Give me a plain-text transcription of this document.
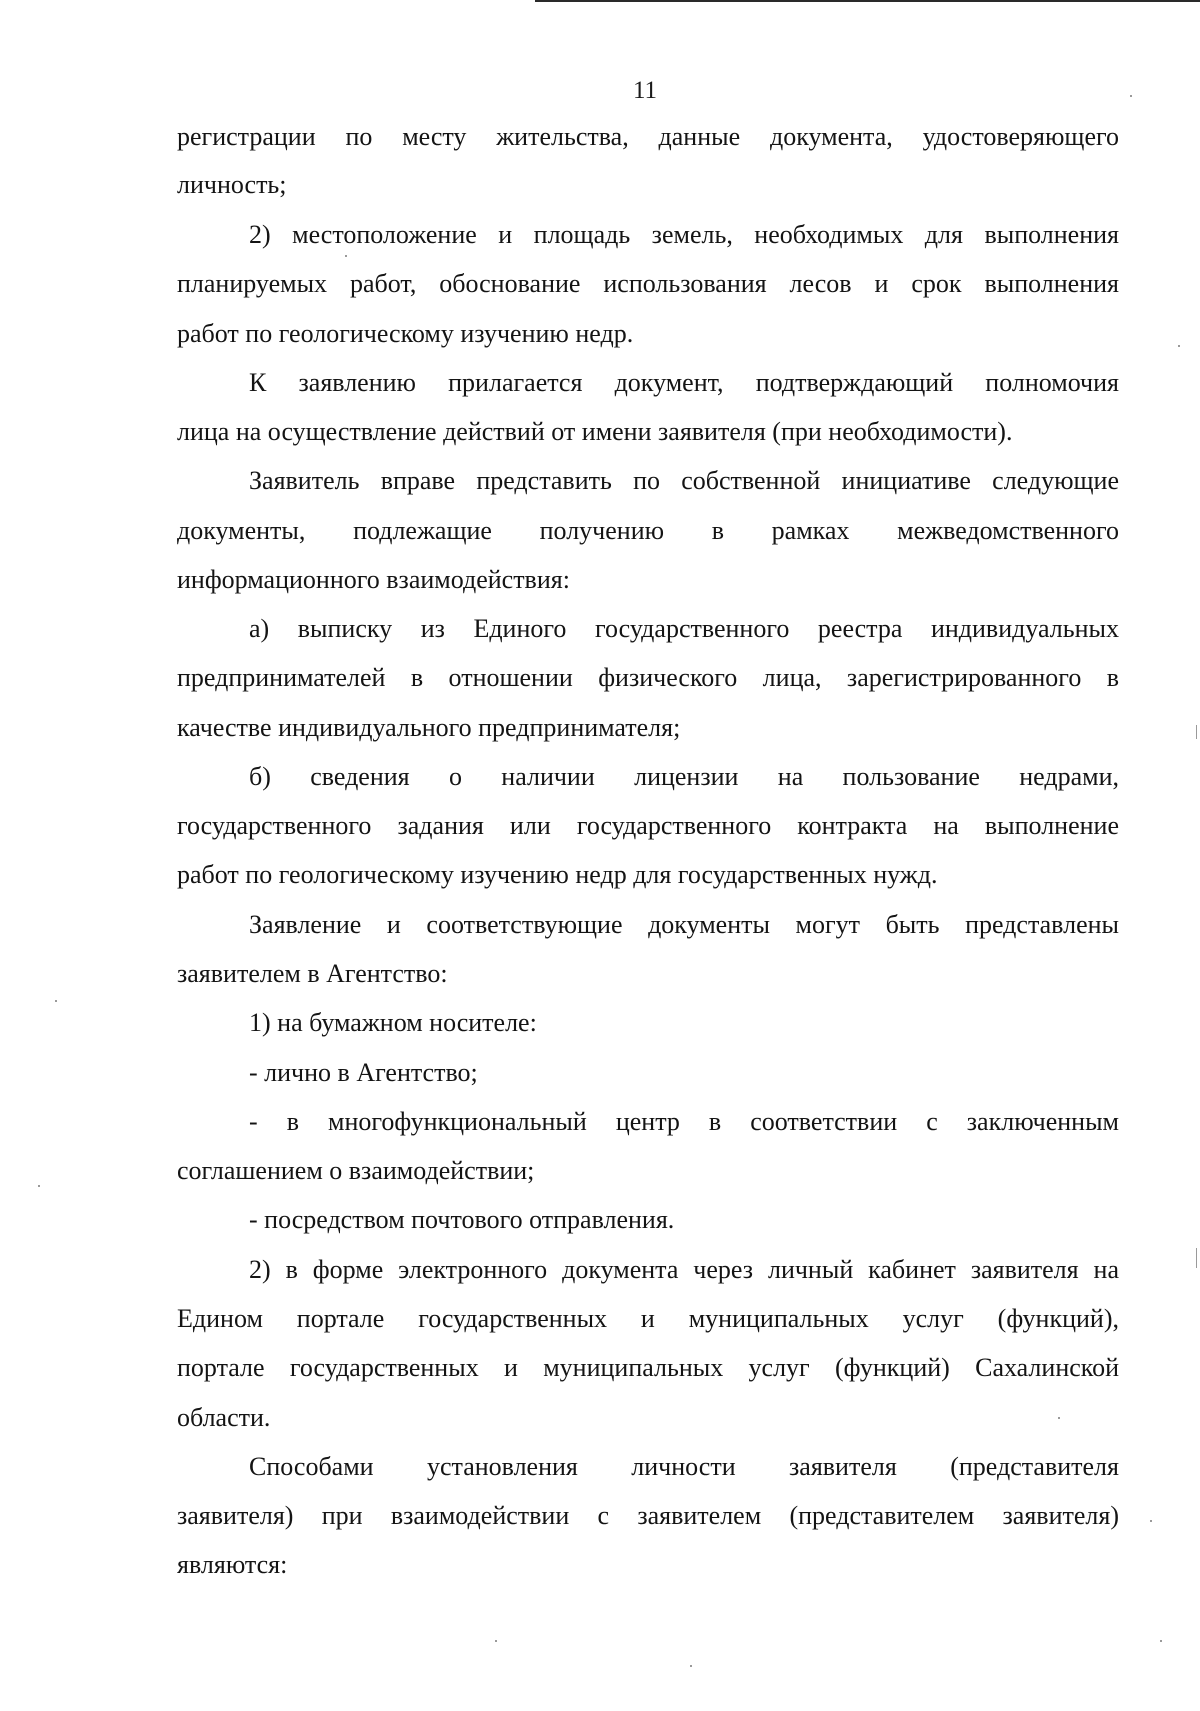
11
регистрации по месту жительства, данные документа, удостоверяющего
личность;
2) местоположение и площадь земель, необходимых для выполнения
планируемых работ, обоснование использования лесов и срок выполнения
работ по геологическому изучению недр.
К заявлению прилагается документ, подтверждающий полномочия
лица на осуществление действий от имени заявителя (при необходимости).
Заявитель вправе представить по собственной инициативе следующие
документы, подлежащие получению в рамках межведомственного
информационного взаимодействия:
а) выписку из Единого государственного реестра индивидуальных
предпринимателей в отношении физического лица, зарегистрированного в
качестве индивидуального предпринимателя;
б) сведения о наличии лицензии на пользование недрами,
государственного задания или государственного контракта на выполнение
работ по геологическому изучению недр для государственных нужд.
Заявление и соответствующие документы могут быть представлены
заявителем в Агентство:
1) на бумажном носителе:
- лично в Агентство;
- в многофункциональный центр в соответствии с заключенным
соглашением о взаимодействии;
- посредством почтового отправления.
2) в форме электронного документа через личный кабинет заявителя на
Едином портале государственных и муниципальных услуг (функций),
портале государственных и муниципальных услуг (функций) Сахалинской
области.
Способами установления личности заявителя (представителя
заявителя) при взаимодействии с заявителем (представителем заявителя)
являются:
